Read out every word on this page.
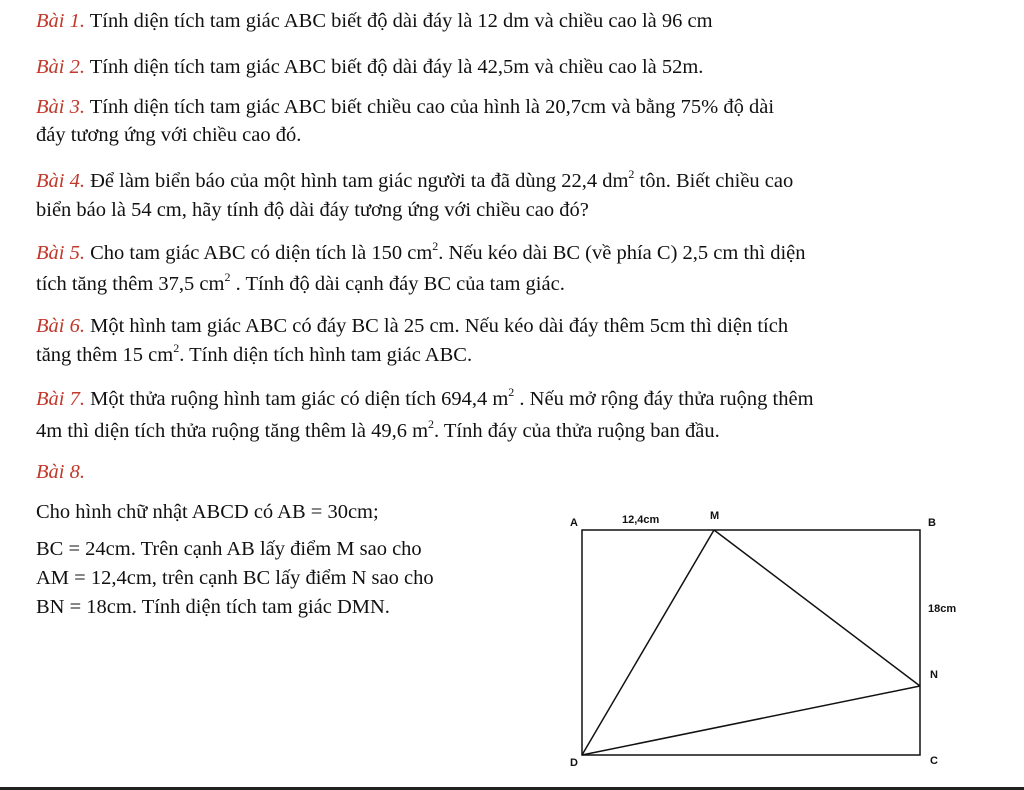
Bài 1. Tính diện tích tam giác ABC biết độ dài đáy là 12 dm và chiều cao là 96 cm
Bài 2. Tính diện tích tam giác ABC biết độ dài đáy là 42,5m và chiều cao là 52m.
Bài 3. Tính diện tích tam giác ABC biết chiều cao của hình là 20,7cm và bằng 75% độ dài
đáy tương ứng với chiều cao đó.
Bài 4. Để làm biển báo của một hình tam giác người ta đã dùng 22,4 $dm^2$ tôn. Biết chiều cao
biển báo là 54 cm, hãy tính độ dài đáy tương ứng với chiều cao đó?
Bài 5. Cho tam giác ABC có diện tích là 150 $cm^2$. Nếu kéo dài BC (về phía C) 2,5 cm thì diện
tích tăng thêm 37,5 $cm^2$ . Tính độ dài cạnh đáy BC của tam giác.
Bài 6. Một hình tam giác ABC có đáy BC là 25 cm. Nếu kéo dài đáy thêm 5cm thì diện tích
tăng thêm 15 $cm^2$. Tính diện tích hình tam giác ABC.
Bài 7. Một thửa ruộng hình tam giác có diện tích 694,4 $m^2$ . Nếu mở rộng đáy thửa ruộng thêm
4m thì diện tích thửa ruộng tăng thêm là 49,6 $m^2$. Tính đáy của thửa ruộng ban đầu.
Bài 8.
Cho hình chữ nhật ABCD có AB = 30cm;
BC = 24cm. Trên cạnh AB lấy điểm M sao cho
AM = 12,4cm, trên cạnh BC lấy điểm N sao cho
BN = 18cm. Tính diện tích tam giác DMN.
A	12,4cm	M
B
18cm
N
D	C
